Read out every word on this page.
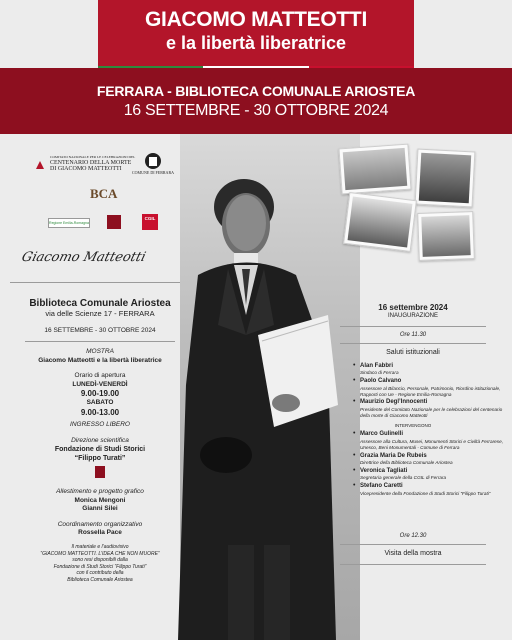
GIACOMO MATTEOTTI
e la libertà liberatrice
FERRARA - BIBLIOTECA COMUNALE ARIOSTEA
16 SETTEMBRE - 30 OTTOBRE 2024
COMITATO NAZIONALE PER LE CELEBRAZIONI DEL
CENTENARIO DELLA MORTE
DI GIACOMO MATTEOTTI
COMUNE DI FERRARA
BCA
Regione Emilia-Romagna
CGIL
Giacomo Matteotti
Biblioteca Comunale Ariostea
via delle Scienze 17 - FERRARA
16 SETTEMBRE - 30 OTTOBRE 2024
MOSTRA
Giacomo Matteotti e la libertà liberatrice
Orario di apertura
LUNEDÌ-VENERDÌ
9.00-19.00
SABATO
9.00-13.00
INGRESSO LIBERO
Direzione scientifica
Fondazione di Studi Storici
“Filippo Turati”
Allestimento e progetto grafico
Monica Mengoni
Gianni Silei
Coordinamento organizzativo
Rossella Pace
Il materiale e l’audiovisivo
“GIACOMO MATTEOTTI. L’IDEA CHE NON MUORE”
sono resi disponibili dalla
Fondazione di Studi Storici “Filippo Turati”
con il contributo della
Biblioteca Comunale Ariostea
16 settembre 2024
INAUGURAZIONE
Ore 11.30
Saluti istituzionali
• Alan Fabbri
Sindaco di Ferrara
• Paolo Calvano
Assessore al Bilancio, Personale, Patrimonio, Riordino istituzionale, Rapporti con Ue - Regione Emilia-Romagna
• Maurizio Degl’Innocenti
Presidente del Comitato Nazionale per le celebrazioni del centenario della morte di Giacomo Matteotti
INTERVENGONO
• Marco Gulinelli
Assessore alla Cultura, Musei, Monumenti Storici e Civiltà Ferrarese, Unesco, Beni Monumentali - Comune di Ferrara
• Grazia Maria De Rubeis
Direttrice della Biblioteca Comunale Ariostea
• Veronica Tagliati
Segretaria generale della CGIL di Ferrara
• Stefano Caretti
Vicepresidente della Fondazione di Studi Storici “Filippo Turati”
Ore 12.30
Visita della mostra
